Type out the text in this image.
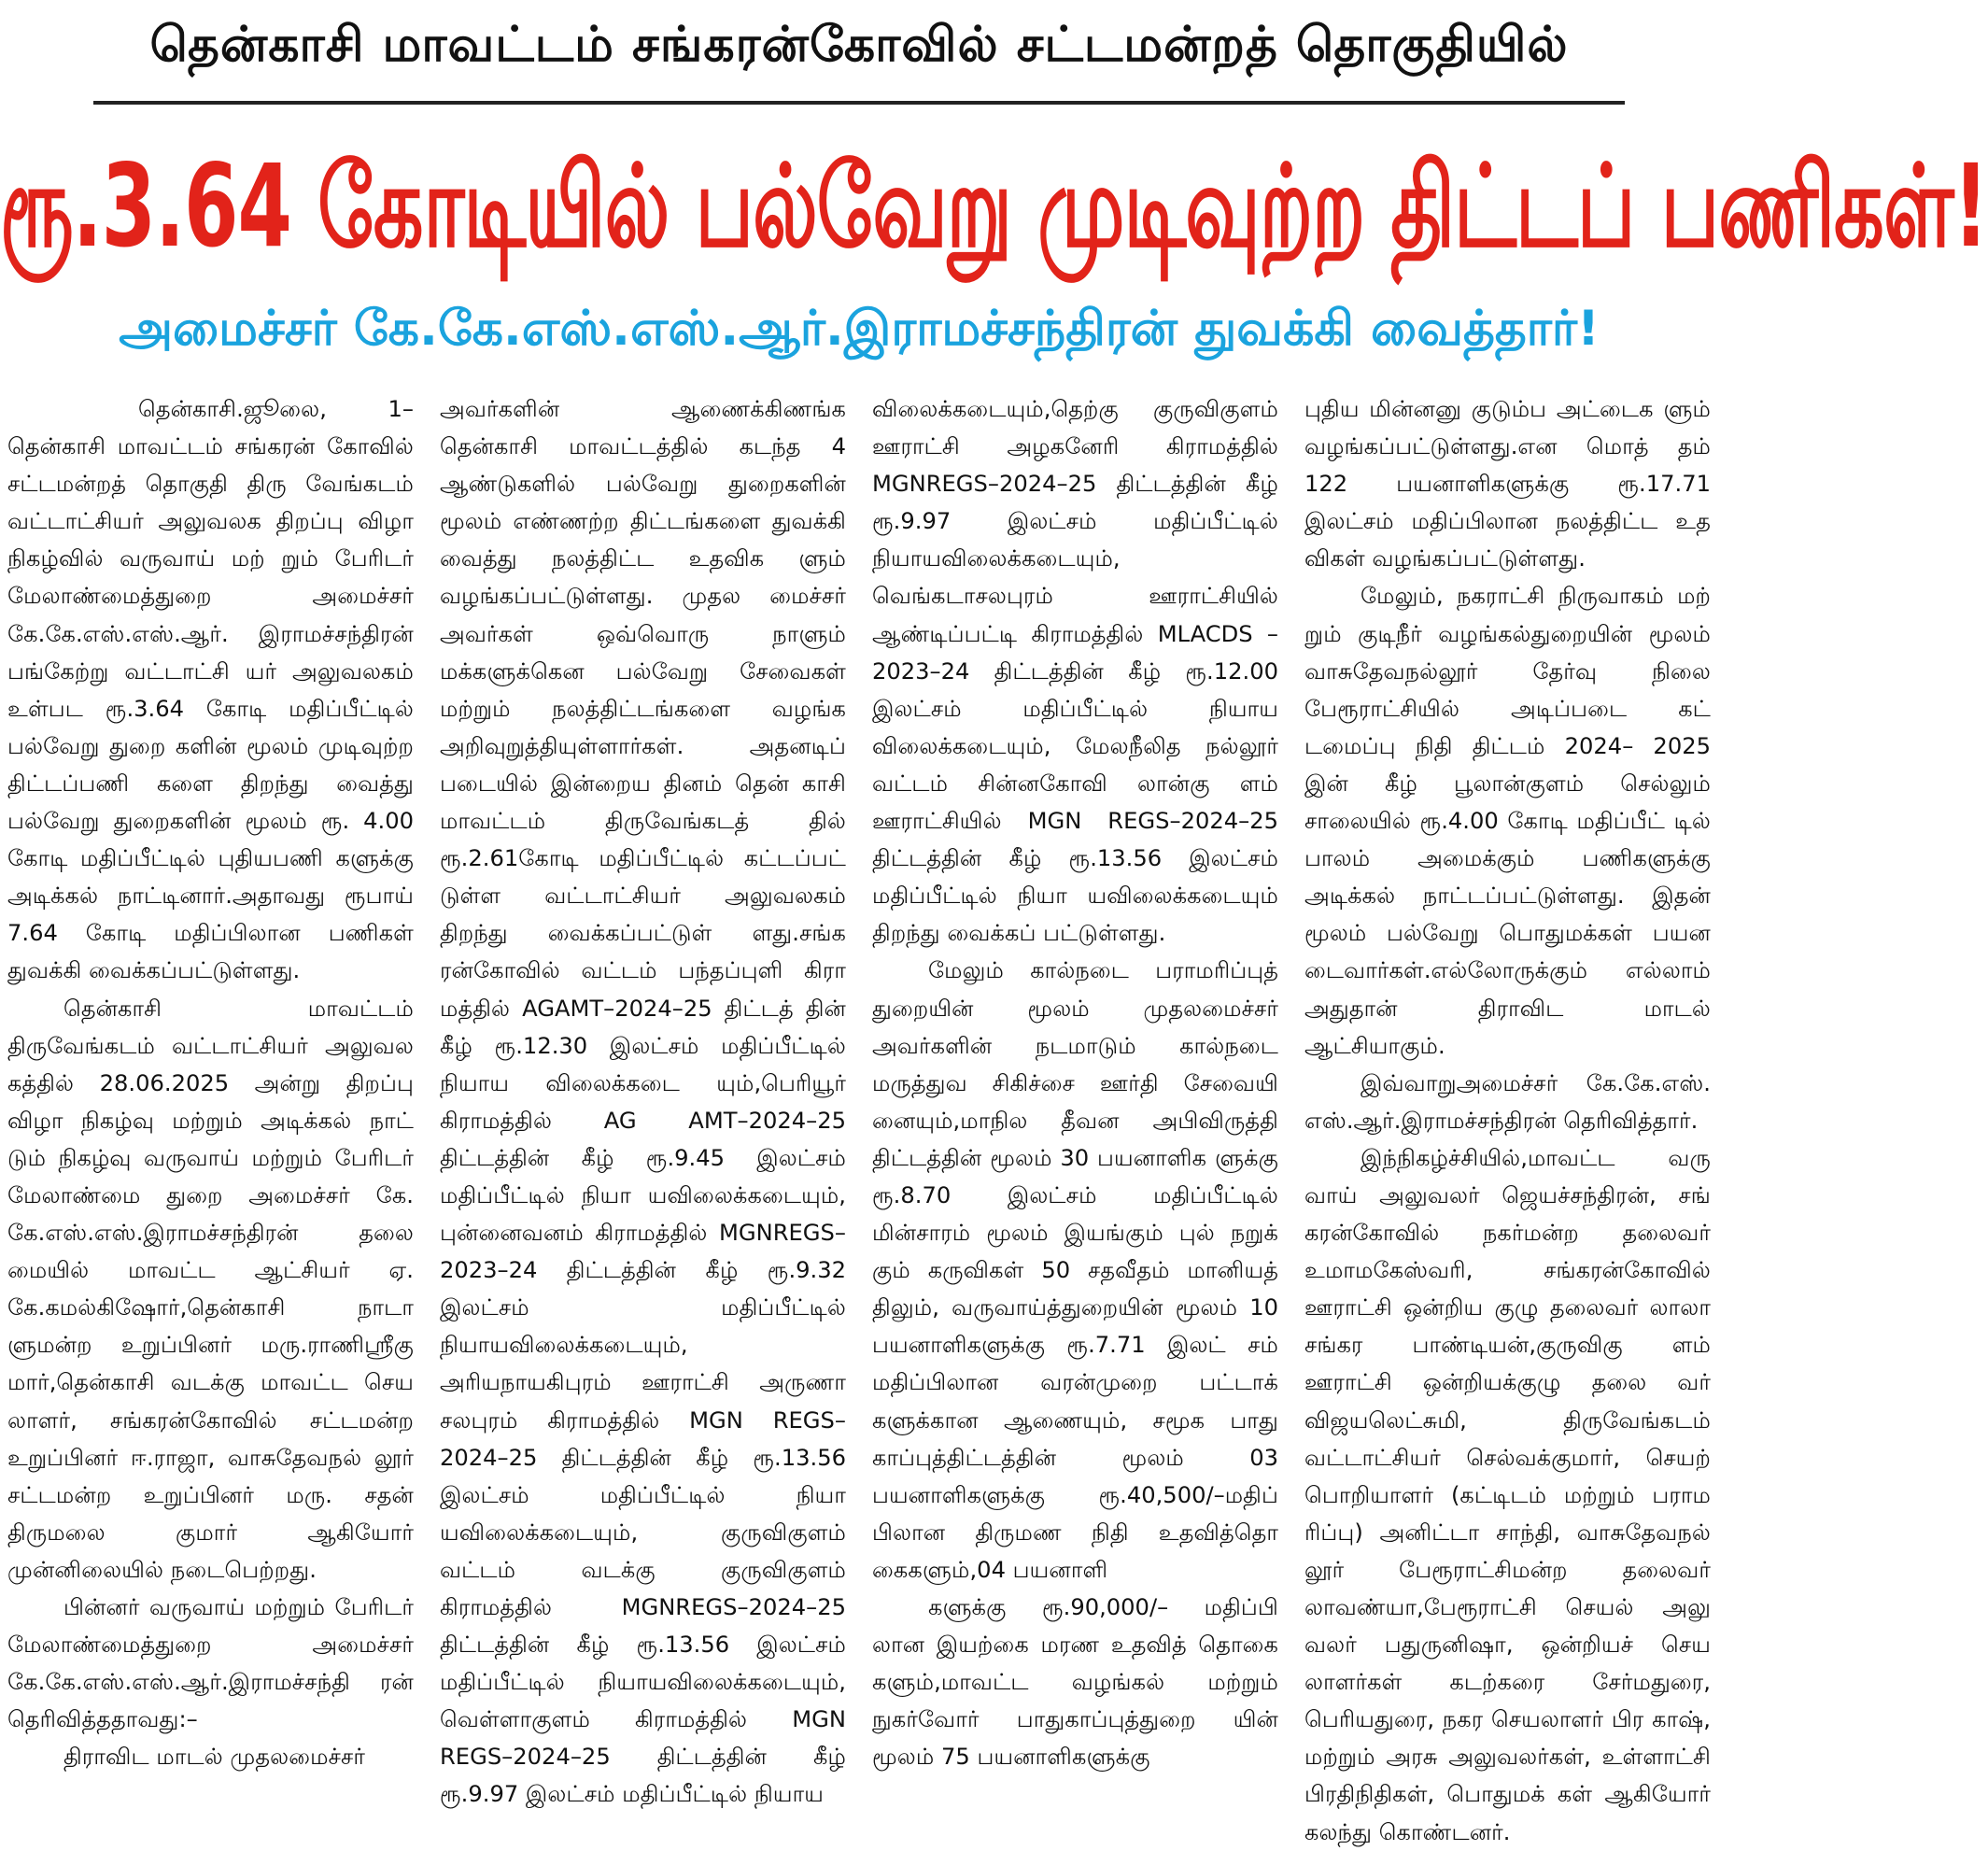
தென்காசி மாவட்டம் சங்கரன்கோவில் சட்டமன்றத் தொகுதியில்
ரூ.3.64 கோடியில் பல்வேறு முடிவுற்ற திட்டப் பணிகள்!
அமைச்சர் கே.கே.எஸ்.எஸ்.ஆர்.இராமச்சந்திரன் துவக்கி வைத்தார்!

தென்காசி.ஜூலை, 1– தென்காசி மாவட்டம் சங்கரன் கோவில் சட்டமன்றத் தொகுதி திரு வேங்கடம் வட்டாட்சியர் அலுவலக திறப்பு விழா நிகழ்வில் வருவாய் மற் றும் பேரிடர் மேலாண்மைத்துறை அமைச்சர் கே.கே.எஸ்.எஸ்.ஆர். இராமச்சந்திரன் பங்கேற்று வட்டாட்சி யர் அலுவலகம் உள்பட ரூ.3.64 கோடி மதிப்பீட்டில் பல்வேறு துறை களின் மூலம் முடிவுற்ற திட்டப்பணி களை திறந்து வைத்து பல்வேறு துறைகளின் மூலம் ரூ. 4.00 கோடி மதிப்பீட்டில் புதியபணி களுக்கு அடிக்கல் நாட்டினார்.அதாவது ரூபாய் 7.64 கோடி மதிப்பிலான பணிகள் துவக்கி வைக்கப்பட்டுள்ளது.

தென்காசி மாவட்டம் திருவேங்கடம் வட்டாட்சியர் அலுவல கத்தில் 28.06.2025 அன்று திறப்பு விழா நிகழ்வு மற்றும் அடிக்கல் நாட் டும் நிகழ்வு வருவாய் மற்றும் பேரிடர் மேலாண்மை துறை அமைச்சர் கே. கே.எஸ்.எஸ்.இராமச்சந்திரன் தலை மையில் மாவட்ட ஆட்சியர் ஏ. கே.கமல்கிஷோர்,தென்காசி நாடா ளுமன்ற உறுப்பினர் மரு.ராணிஸ்ரீகு மார்,தென்காசி வடக்கு மாவட்ட செய லாளர், சங்கரன்கோவில் சட்டமன்ற உறுப்பினர் ஈ.ராஜா, வாசுதேவநல் லூர் சட்டமன்ற உறுப்பினர் மரு. சதன் திருமலை குமார் ஆகியோர் முன்னிலையில் நடைபெற்றது.

பின்னர் வருவாய் மற்றும் பேரிடர் மேலாண்மைத்துறை அமைச்சர் கே.கே.எஸ்.எஸ்.ஆர்.இராமச்சந்தி ரன் தெரிவித்ததாவது:–

திராவிட மாடல் முதலமைச்சர்

அவர்களின் ஆணைக்கிணங்க தென்காசி மாவட்டத்தில் கடந்த 4 ஆண்டுகளில் பல்வேறு துறைகளின் மூலம் எண்ணற்ற திட்டங்களை துவக்கி வைத்து நலத்திட்ட உதவிக ளும் வழங்கப்பட்டுள்ளது. முதல மைச்சர் அவர்கள் ஒவ்வொரு நாளும் மக்களுக்கென பல்வேறு சேவைகள் மற்றும் நலத்திட்டங்களை வழங்க அறிவுறுத்தியுள்ளார்கள். அதனடிப் படையில் இன்றைய தினம் தென் காசி மாவட்டம் திருவேங்கடத் தில் ரூ.2.61கோடி மதிப்பீட்டில் கட்டப்பட் டுள்ள வட்டாட்சியர் அலுவலகம் திறந்து வைக்கப்பட்டுள் ளது.சங்க ரன்கோவில் வட்டம் பந்தப்புளி கிரா மத்தில் AGAMT–2024–25 திட்டத் தின் கீழ் ரூ.12.30 இலட்சம் மதிப்பீட்டில் நியாய விலைக்கடை யும்,பெரியூர் கிராமத்தில் AG AMT–2024–25 திட்டத்தின் கீழ் ரூ.9.45 இலட்சம் மதிப்பீட்டில் நியா யவிலைக்கடையும், புன்னைவனம் கிராமத்தில் MGNREGS–2023–24 திட்டத்தின் கீழ் ரூ.9.32 இலட்சம் மதிப்பீட்டில் நியாயவிலைக்கடையும், அரியநாயகிபுரம் ஊராட்சி அருணா சலபுரம் கிராமத்தில் MGN REGS–2024–25 திட்டத்தின் கீழ் ரூ.13.56 இலட்சம் மதிப்பீட்டில் நியா யவிலைக்கடையும், குருவிகுளம் வட்டம் வடக்கு குருவிகுளம் கிராமத்தில் MGNREGS–2024–25 திட்டத்தின் கீழ் ரூ.13.56 இலட்சம் மதிப்பீட்டில் நியாயவிலைக்கடையும், வெள்ளாகுளம் கிராமத்தில் MGN REGS–2024–25 திட்டத்தின் கீழ் ரூ.9.97 இலட்சம் மதிப்பீட்டில் நியாய

விலைக்கடையும்,தெற்கு குருவிகுளம் ஊராட்சி அழகனேரி கிராமத்தில் MGNREGS–2024–25 திட்டத்தின் கீழ் ரூ.9.97 இலட்சம் மதிப்பீட்டில் நியாயவிலைக்கடையும், வெங்கடாசலபுரம் ஊராட்சியில் ஆண்டிப்பட்டி கிராமத்தில் MLACDS –2023–24 திட்டத்தின் கீழ் ரூ.12.00 இலட்சம் மதிப்பீட்டில் நியாய விலைக்கடையும், மேலநீலித நல்லூர் வட்டம் சின்னகோவி லான்கு ளம் ஊராட்சியில் MGN REGS–2024–25 திட்டத்தின் கீழ் ரூ.13.56 இலட்சம் மதிப்பீட்டில் நியா யவிலைக்கடையும் திறந்து வைக்கப் பட்டுள்ளது.

மேலும் கால்நடை பராமரிப்புத் துறையின் மூலம் முதலமைச்சர் அவர்களின் நடமாடும் கால்நடை மருத்துவ சிகிச்சை ஊர்தி சேவையி னையும்,மாநில தீவன அபிவிருத்தி திட்டத்தின் மூலம் 30 பயனாளிக ளுக்கு ரூ.8.70 இலட்சம் மதிப்பீட்டில் மின்சாரம் மூலம் இயங்கும் புல் நறுக் கும் கருவிகள் 50 சதவீதம் மானியத் திலும், வருவாய்த்துறையின் மூலம் 10 பயனாளிகளுக்கு ரூ.7.71 இலட் சம் மதிப்பிலான வரன்முறை பட்டாக் களுக்கான ஆணையும், சமூக பாது காப்புத்திட்டத்தின் மூலம் 03 பயனாளிகளுக்கு ரூ.40,500/–மதிப் பிலான திருமண நிதி உதவித்தொ கைகளும்,04 பயனாளி

களுக்கு ரூ.90,000/– மதிப்பி லான இயற்கை மரண உதவித் தொகை களும்,மாவட்ட வழங்கல் மற்றும் நுகர்வோர் பாதுகாப்புத்துறை யின் மூலம் 75 பயனாளிகளுக்கு

புதிய மின்னனு குடும்ப அட்டைக ளும் வழங்கப்பட்டுள்ளது.என மொத் தம் 122 பயனாளிகளுக்கு ரூ.17.71 இலட்சம் மதிப்பிலான நலத்திட்ட உத விகள் வழங்கப்பட்டுள்ளது.

மேலும், நகராட்சி நிருவாகம் மற் றும் குடிநீர் வழங்கல்துறையின் மூலம் வாசுதேவநல்லூர் தேர்வு நிலை பேரூராட்சியில் அடிப்படை கட் டமைப்பு நிதி திட்டம் 2024– 2025 இன் கீழ் பூலான்குளம் செல்லும் சாலையில் ரூ.4.00 கோடி மதிப்பீட் டில் பாலம் அமைக்கும் பணிகளுக்கு அடிக்கல் நாட்டப்பட்டுள்ளது. இதன் மூலம் பல்வேறு பொதுமக்கள் பயன டைவார்கள்.எல்லோருக்கும் எல்லாம் அதுதான் திராவிட மாடல் ஆட்சியாகும்.

இவ்வாறுஅமைச்சர் கே.கே.எஸ். எஸ்.ஆர்.இராமச்சந்திரன் தெரிவித்தார்.

இந்நிகழ்ச்சியில்,மாவட்ட வரு வாய் அலுவலர் ஜெயச்சந்திரன், சங் கரன்கோவில் நகர்மன்ற தலைவர் உமாமகேஸ்வரி, சங்கரன்கோவில் ஊராட்சி ஒன்றிய குழு தலைவர் லாலா சங்கர பாண்டியன்,குருவிகு ளம் ஊராட்சி ஒன்றியக்குழு தலை வர் விஜயலெட்சுமி, திருவேங்கடம் வட்டாட்சியர் செல்வக்குமார், செயற் பொறியாளர் (கட்டிடம் மற்றும் பராம ரிப்பு) அனிட்டா சாந்தி, வாசுதேவநல் லூர் பேரூராட்சிமன்ற தலைவர் லாவண்யா,பேரூராட்சி செயல் அலு வலர் பதுருனிஷா, ஒன்றியச் செய லாளர்கள் கடற்கரை சேர்மதுரை, பெரியதுரை, நகர செயலாளர் பிர காஷ், மற்றும் அரசு அலுவலர்கள், உள்ளாட்சி பிரதிநிதிகள், பொதுமக் கள் ஆகியோர் கலந்து கொண்டனர்.
